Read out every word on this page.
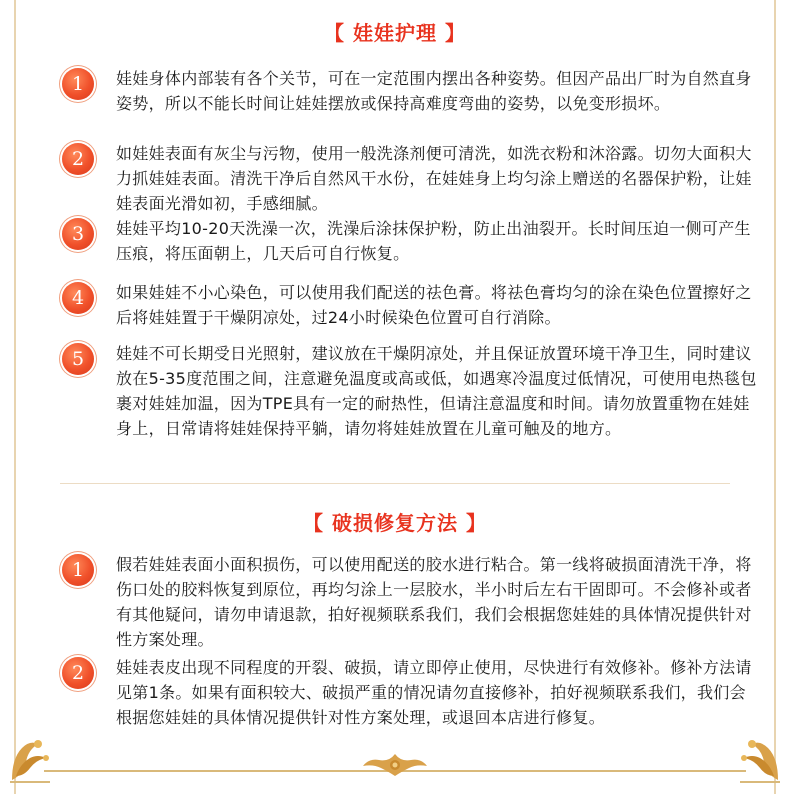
【 娃娃护理 】
1	娃娃身体内部装有各个关节，可在一定范围内摆出各种姿势。但因产品出厂时为自然直身姿势，所以不能长时间让娃娃摆放或保持高难度弯曲的姿势，以免变形损坏。
2	如娃娃表面有灰尘与污物，使用一般洗涤剂便可清洗，如洗衣粉和沐浴露。切勿大面积大力抓娃娃表面。清洗干净后自然风干水份，在娃娃身上均匀涂上赠送的名器保护粉，让娃娃表面光滑如初，手感细腻。
3	娃娃平均10-20天洗澡一次，洗澡后涂抹保护粉，防止出油裂开。长时间压迫一侧可产生压痕，将压面朝上，几天后可自行恢复。
4	如果娃娃不小心染色，可以使用我们配送的祛色膏。将祛色膏均匀的涂在染色位置擦好之后将娃娃置于干燥阴凉处，过24小时候染色位置可自行消除。
5	娃娃不可长期受日光照射，建议放在干燥阴凉处，并且保证放置环境干净卫生，同时建议放在5-35度范围之间，注意避免温度或高或低，如遇寒冷温度过低情况，可使用电热毯包裹对娃娃加温，因为TPE具有一定的耐热性，但请注意温度和时间。请勿放置重物在娃娃身上，日常请将娃娃保持平躺，请勿将娃娃放置在儿童可触及的地方。
【 破损修复方法 】
1	假若娃娃表面小面积损伤，可以使用配送的胶水进行粘合。第一线将破损面清洗干净，将伤口处的胶料恢复到原位，再均匀涂上一层胶水，半小时后左右干固即可。不会修补或者有其他疑问，请勿申请退款，拍好视频联系我们，我们会根据您娃娃的具体情况提供针对性方案处理。
2	娃娃表皮出现不同程度的开裂、破损，请立即停止使用，尽快进行有效修补。修补方法请见第1条。如果有面积较大、破损严重的情况请勿直接修补，拍好视频联系我们，我们会根据您娃娃的具体情况提供针对性方案处理，或退回本店进行修复。
